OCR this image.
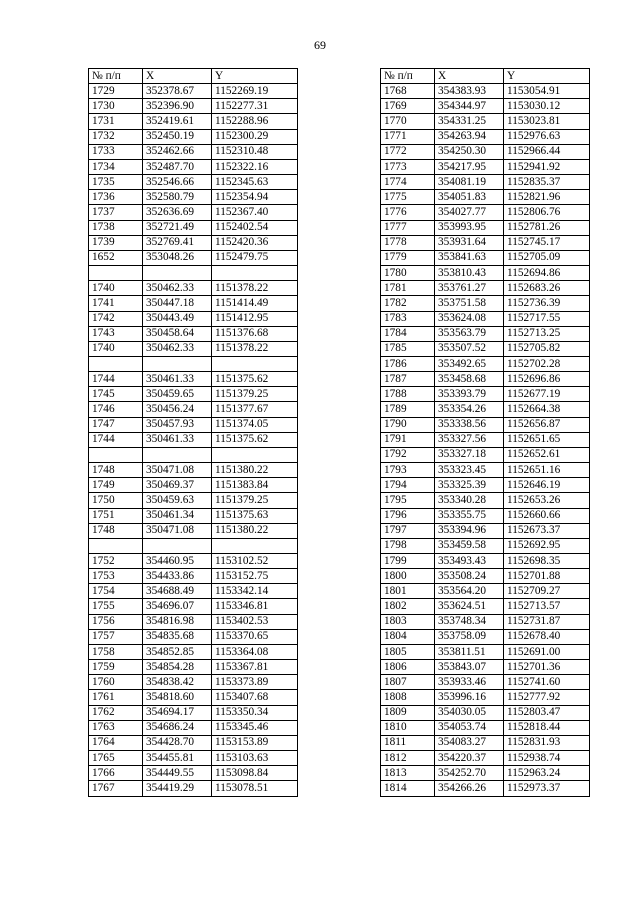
69
№ п/п	X	Y
1729	352378.67	1152269.19
1730	352396.90	1152277.31
1731	352419.61	1152288.96
1732	352450.19	1152300.29
1733	352462.66	1152310.48
1734	352487.70	1152322.16
1735	352546.66	1152345.63
1736	352580.79	1152354.94
1737	352636.69	1152367.40
1738	352721.49	1152402.54
1739	352769.41	1152420.36
1652	353048.26	1152479.75

1740	350462.33	1151378.22
1741	350447.18	1151414.49
1742	350443.49	1151412.95
1743	350458.64	1151376.68
1740	350462.33	1151378.22

1744	350461.33	1151375.62
1745	350459.65	1151379.25
1746	350456.24	1151377.67
1747	350457.93	1151374.05
1744	350461.33	1151375.62

1748	350471.08	1151380.22
1749	350469.37	1151383.84
1750	350459.63	1151379.25
1751	350461.34	1151375.63
1748	350471.08	1151380.22

1752	354460.95	1153102.52
1753	354433.86	1153152.75
1754	354688.49	1153342.14
1755	354696.07	1153346.81
1756	354816.98	1153402.53
1757	354835.68	1153370.65
1758	354852.85	1153364.08
1759	354854.28	1153367.81
1760	354838.42	1153373.89
1761	354818.60	1153407.68
1762	354694.17	1153350.34
1763	354686.24	1153345.46
1764	354428.70	1153153.89
1765	354455.81	1153103.63
1766	354449.55	1153098.84
1767	354419.29	1153078.51
№ п/п	X	Y
1768	354383.93	1153054.91
1769	354344.97	1153030.12
1770	354331.25	1153023.81
1771	354263.94	1152976.63
1772	354250.30	1152966.44
1773	354217.95	1152941.92
1774	354081.19	1152835.37
1775	354051.83	1152821.96
1776	354027.77	1152806.76
1777	353993.95	1152781.26
1778	353931.64	1152745.17
1779	353841.63	1152705.09
1780	353810.43	1152694.86
1781	353761.27	1152683.26
1782	353751.58	1152736.39
1783	353624.08	1152717.55
1784	353563.79	1152713.25
1785	353507.52	1152705.82
1786	353492.65	1152702.28
1787	353458.68	1152696.86
1788	353393.79	1152677.19
1789	353354.26	1152664.38
1790	353338.56	1152656.87
1791	353327.56	1152651.65
1792	353327.18	1152652.61
1793	353323.45	1152651.16
1794	353325.39	1152646.19
1795	353340.28	1152653.26
1796	353355.75	1152660.66
1797	353394.96	1152673.37
1798	353459.58	1152692.95
1799	353493.43	1152698.35
1800	353508.24	1152701.88
1801	353564.20	1152709.27
1802	353624.51	1152713.57
1803	353748.34	1152731.87
1804	353758.09	1152678.40
1805	353811.51	1152691.00
1806	353843.07	1152701.36
1807	353933.46	1152741.60
1808	353996.16	1152777.92
1809	354030.05	1152803.47
1810	354053.74	1152818.44
1811	354083.27	1152831.93
1812	354220.37	1152938.74
1813	354252.70	1152963.24
1814	354266.26	1152973.37
